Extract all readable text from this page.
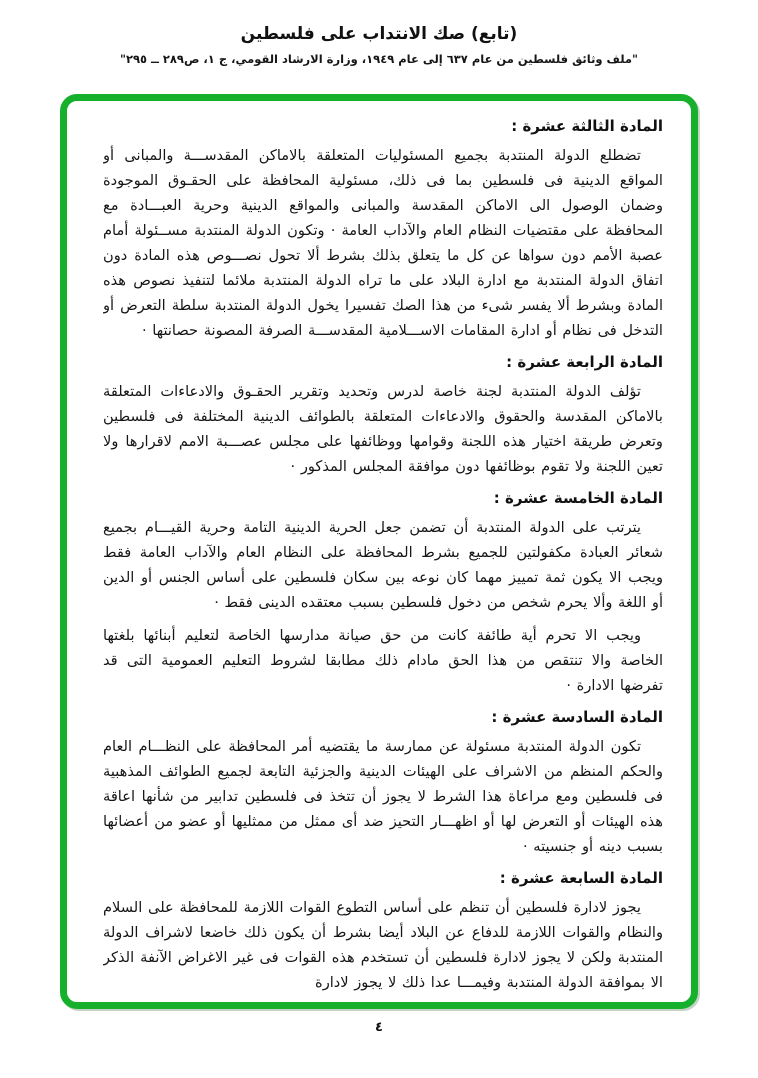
(تابع) صك الانتداب على فلسطين

"ملف وثائق فلسطين من عام ٦٣٧ إلى عام ١٩٤٩، وزارة الارشاد القومي، ج ١، ص٢٨٩ ــ ٢٩٥"

المادة الثالثة عشرة :

تضطلع الدولة المنتدبة بجميع المسئوليات المتعلقة بالاماكن المقدســـة والمبانى أو المواقع الدينية فى فلسطين بما فى ذلك، مسئولية المحافظة على الحقـوق الموجودة وضمان الوصول الى الاماكن المقدسة والمبانى والمواقع الدينية وحرية العبـــادة مع المحافظة على مقتضيات النظام العام والآداب العامة · وتكون الدولة المنتدبة مســئولة أمام عصبة الأمم دون سواها عن كل ما يتعلق بذلك بشرط ألا تحول نصـــوص هذه المادة دون اتفاق الدولة المنتدبة مع ادارة البلاد على ما تراه الدولة المنتدبة ملائما لتنفيذ نصوص هذه المادة وبشرط ألا يفسر شىء من هذا الصك تفسيرا يخول الدولة المنتدبة سلطة التعرض أو التدخل فى نظام أو ادارة المقامات الاســـلامية المقدســـة الصرفة المصونة حصانتها ·

المادة الرابعة عشرة :

تؤلف الدولة المنتدبة لجنة خاصة لدرس وتحديد وتقرير الحقـوق والادعاءات المتعلقة بالاماكن المقدسة والحقوق والادعاءات المتعلقة بالطوائف الدينية المختلفة فى فلسطين وتعرض طريقة اختيار هذه اللجنة وقوامها ووظائفها على مجلس عصـــبة الامم لاقرارها ولا تعين اللجنة ولا تقوم بوظائفها دون موافقة المجلس المذكور ·

المادة الخامسة عشرة :

يترتب على الدولة المنتدبة أن تضمن جعل الحرية الدينية التامة وحرية القيـــام بجميع شعائر العبادة مكفولتين للجميع بشرط المحافظة على النظام العام والآداب العامة فقط ويجب الا يكون ثمة تمييز مهما كان نوعه بين سكان فلسطين على أساس الجنس أو الدين أو اللغة وألا يحرم شخص من دخول فلسطين بسبب معتقده الدينى فقط ·

ويجب الا تحرم أية طائفة كانت من حق صيانة مدارسها الخاصة لتعليم أبنائها بلغتها الخاصة والا تنتقص من هذا الحق مادام ذلك مطابقا لشروط التعليم العمومية التى قد تفرضها الادارة ·

المادة السادسة عشرة :

تكون الدولة المنتدبة مسئولة عن ممارسة ما يقتضيه أمر المحافظة على النظـــام العام والحكم المنظم من الاشراف على الهيئات الدينية والجزئية التابعة لجميع الطوائف المذهبية فى فلسطين ومع مراعاة هذا الشرط لا يجوز أن تتخذ فى فلسطين تدابير من شأنها اعاقة هذه الهيئات أو التعرض لها أو اظهـــار التحيز ضد أى ممثل من ممثليها أو عضو من أعضائها بسبب دينه أو جنسيته ·

المادة السابعة عشرة :

يجوز لادارة فلسطين أن تنظم على أساس التطوع القوات اللازمة للمحافظة على السلام والنظام والقوات اللازمة للدفاع عن البلاد أيضا بشرط أن يكون ذلك خاضعا لاشراف الدولة المنتدبة ولكن لا يجوز لادارة فلسطين أن تستخدم هذه القوات فى غير الاغراض الآنفة الذكر الا بموافقة الدولة المنتدبة وفيمـــا عدا ذلك لا يجوز لادارة

٤
